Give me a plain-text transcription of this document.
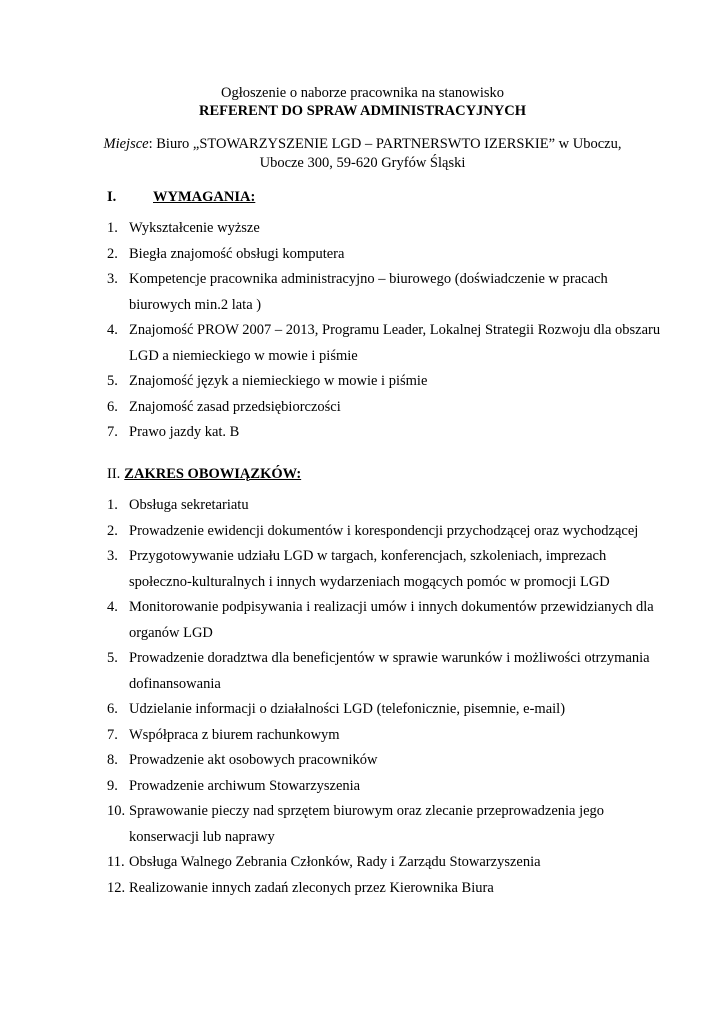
Ogłoszenie o naborze pracownika na stanowisko
REFERENT DO SPRAW ADMINISTRACYJNYCH
Miejsce: Biuro „STOWARZYSZENIE LGD – PARTNERSWTO IZERSKIE” w Uboczu,
Ubocze 300, 59-620 Gryfów Śląski
I.	WYMAGANIA:
1. Wykształcenie wyższe
2. Biegła znajomość obsługi komputera
3. Kompetencje pracownika administracyjno – biurowego (doświadczenie w pracach biurowych min.2 lata )
4. Znajomość PROW 2007 – 2013, Programu Leader, Lokalnej Strategii Rozwoju dla obszaru LGD a niemieckiego w mowie i piśmie
5. Znajomość język a niemieckiego w mowie i piśmie
6. Znajomość zasad przedsiębiorczości
7. Prawo jazdy kat. B
II. ZAKRES OBOWIĄZKÓW:
1. Obsługa sekretariatu
2. Prowadzenie ewidencji dokumentów i korespondencji przychodzącej oraz wychodzącej
3. Przygotowywanie udziału LGD w targach, konferencjach, szkoleniach, imprezach społeczno-kulturalnych i innych wydarzeniach mogących pomóc w promocji LGD
4. Monitorowanie podpisywania i realizacji umów i innych dokumentów przewidzianych dla organów LGD
5. Prowadzenie doradztwa dla beneficjentów w sprawie warunków i możliwości otrzymania dofinansowania
6. Udzielanie informacji o działalności LGD (telefonicznie, pisemnie, e-mail)
7. Współpraca z biurem rachunkowym
8. Prowadzenie akt osobowych pracowników
9. Prowadzenie archiwum Stowarzyszenia
10. Sprawowanie pieczy nad sprzętem biurowym oraz zlecanie przeprowadzenia jego konserwacji lub naprawy
11. Obsługa Walnego Zebrania Członków, Rady i Zarządu Stowarzyszenia
12. Realizowanie innych zadań zleconych przez Kierownika Biura
